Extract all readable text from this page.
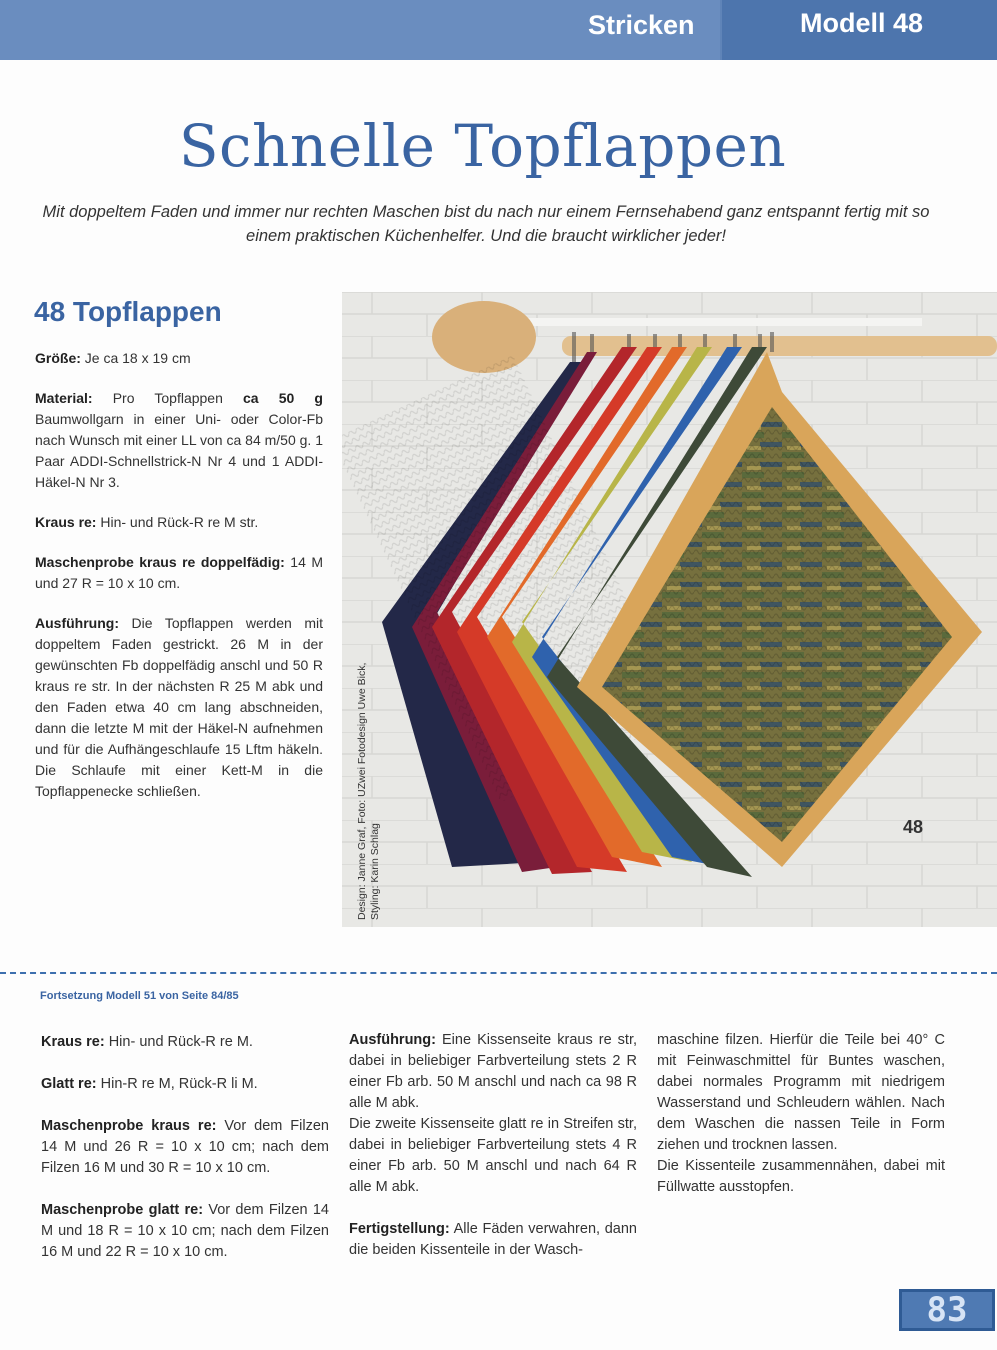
Stricken	Modell 48
Schnelle Topflappen
Mit doppeltem Faden und immer nur rechten Maschen bist du nach nur einem Fernsehabend ganz entspannt fertig mit so einem praktischen Küchenhelfer. Und die braucht wirklicher jeder!
48 Topflappen

Größe: Je ca 18 x 19 cm

Material: Pro Topflappen ca 50 g Baumwollgarn in einer Uni- oder Color-Fb nach Wunsch mit einer LL von ca 84 m/50 g. 1 Paar ADDI-Schnellstrick-N Nr 4 und 1 ADDI-Häkel-N Nr 3.

Kraus re: Hin- und Rück-R re M str.

Maschenprobe kraus re doppelfädig: 14 M und 27 R = 10 x 10 cm.

Ausführung: Die Topflappen werden mit doppeltem Faden gestrickt. 26 M in der gewünschten Fb doppelfädig anschl und 50 R kraus re str. In der nächsten R 25 M abk und den Faden etwa 40 cm lang abschneiden, dann die letzte M mit der Häkel-N aufnehmen und für die Aufhängeschlaufe 15 Lftm häkeln. Die Schlaufe mit einer Kett-M in die Topflappenecke schließen.	Design: Janne Graf, Foto: UZwei Fotodesign Uwe Bick, Styling: Karin Schlag	48
Fortsetzung Modell 51 von Seite 84/85

Kraus re: Hin- und Rück-R re M.

Glatt re: Hin-R re M, Rück-R li M.

Maschenprobe kraus re: Vor dem Filzen 14 M und 26 R = 10 x 10 cm; nach dem Filzen 16 M und 30 R = 10 x 10 cm.

Maschenprobe glatt re: Vor dem Filzen 14 M und 18 R = 10 x 10 cm; nach dem Filzen 16 M und 22 R = 10 x 10 cm.

Ausführung: Eine Kissenseite kraus re str, dabei in beliebiger Farbverteilung stets 2 R einer Fb arb. 50 M anschl und nach ca 98 R alle M abk.

Die zweite Kissenseite glatt re in Streifen str, dabei in beliebiger Farbverteilung stets 4 R einer Fb arb. 50 M anschl und nach 64 R alle M abk.

Fertigstellung: Alle Fäden verwahren, dann die beiden Kissenteile in der Wasch-

maschine filzen. Hierfür die Teile bei 40° C mit Feinwaschmittel für Buntes waschen, dabei normales Programm mit niedrigem Wasserstand und Schleudern wählen. Nach dem Waschen die nassen Teile in Form ziehen und trocknen lassen.

Die Kissenteile zusammennähen, dabei mit Füllwatte ausstopfen.

83
